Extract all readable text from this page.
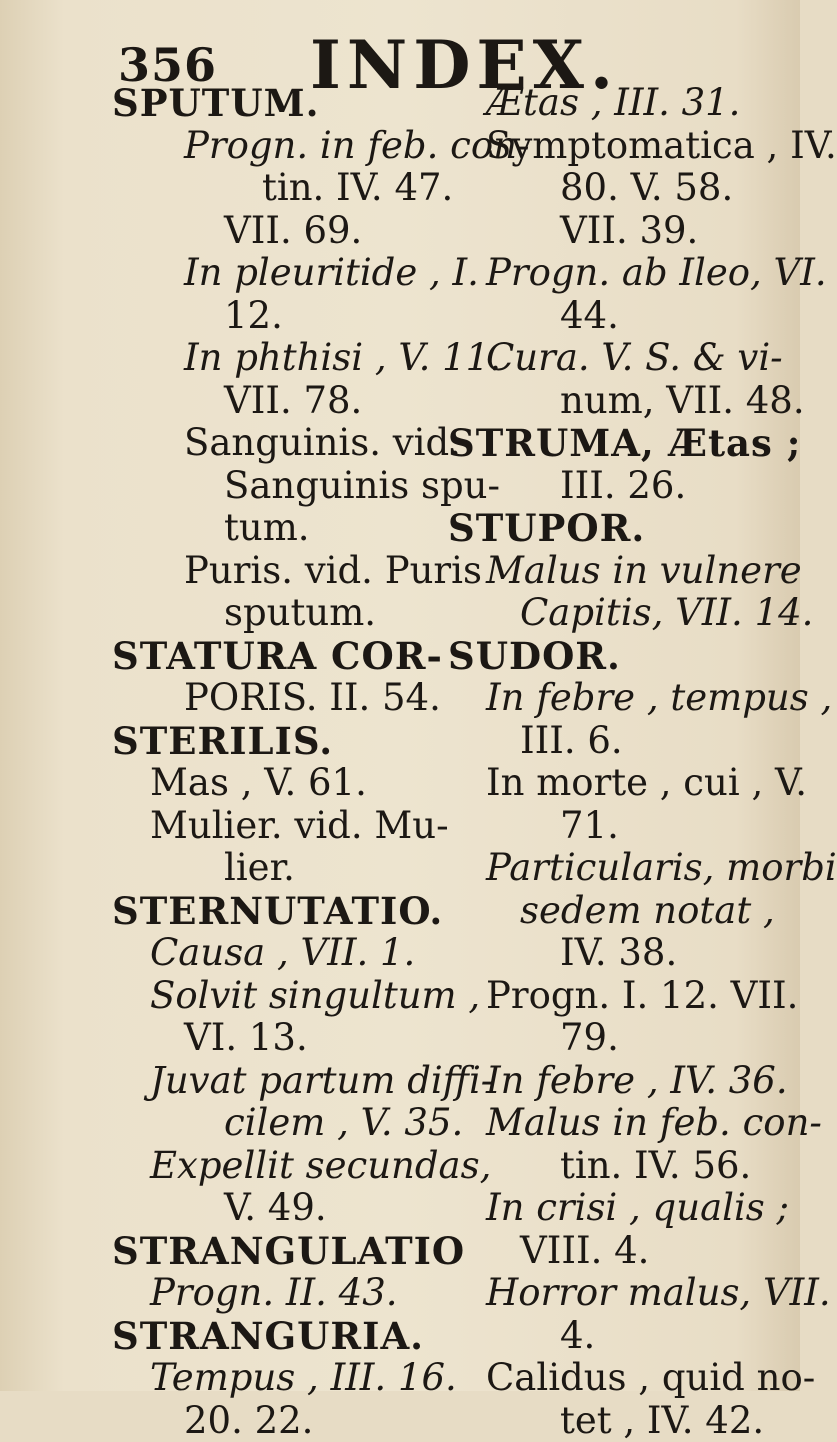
356 INDEX.
SPUTUM.
Progn. in feb. con-
tin. IV. 47.
VII. 69.
In pleuritide , I.
12.
In phthisi , V. 11.
VII. 78.
Sanguinis. vid.
Sanguinis spu-
tum.
Puris. vid. Puris
sputum.
STATURA COR-
PORIS. II. 54.
STERILIS.
Mas , V. 61.
Mulier. vid. Mu-
lier.
STERNUTATIO.
Causa , VII. 1.
Solvit singultum ,
VI. 13.
Juvat partum diffi-
cilem , V. 35.
Expellit secundas,
V. 49.
STRANGULATIO
Progn. II. 43.
STRANGURIA.
Tempus , III. 16.
20. 22.
Ætas , III. 31.
Symptomatica , IV.
80. V. 58.
VII. 39.
Progn. ab Ileo, VI.
44.
Cura. V. S. & vi-
num, VII. 48.
STRUMA, Ætas ;
III. 26.
STUPOR.
Malus in vulnere
Capitis, VII. 14.
SUDOR.
In febre , tempus ,
III. 6.
In morte , cui , V.
71.
Particularis, morbi
sedem notat ,
IV. 38.
Progn. I. 12. VII.
79.
In febre , IV. 36.
Malus in feb. con-
tin. IV. 56.
In crisi , qualis ;
VIII. 4.
Horror malus, VII.
4.
Calidus , quid no-
tet , IV. 42.
